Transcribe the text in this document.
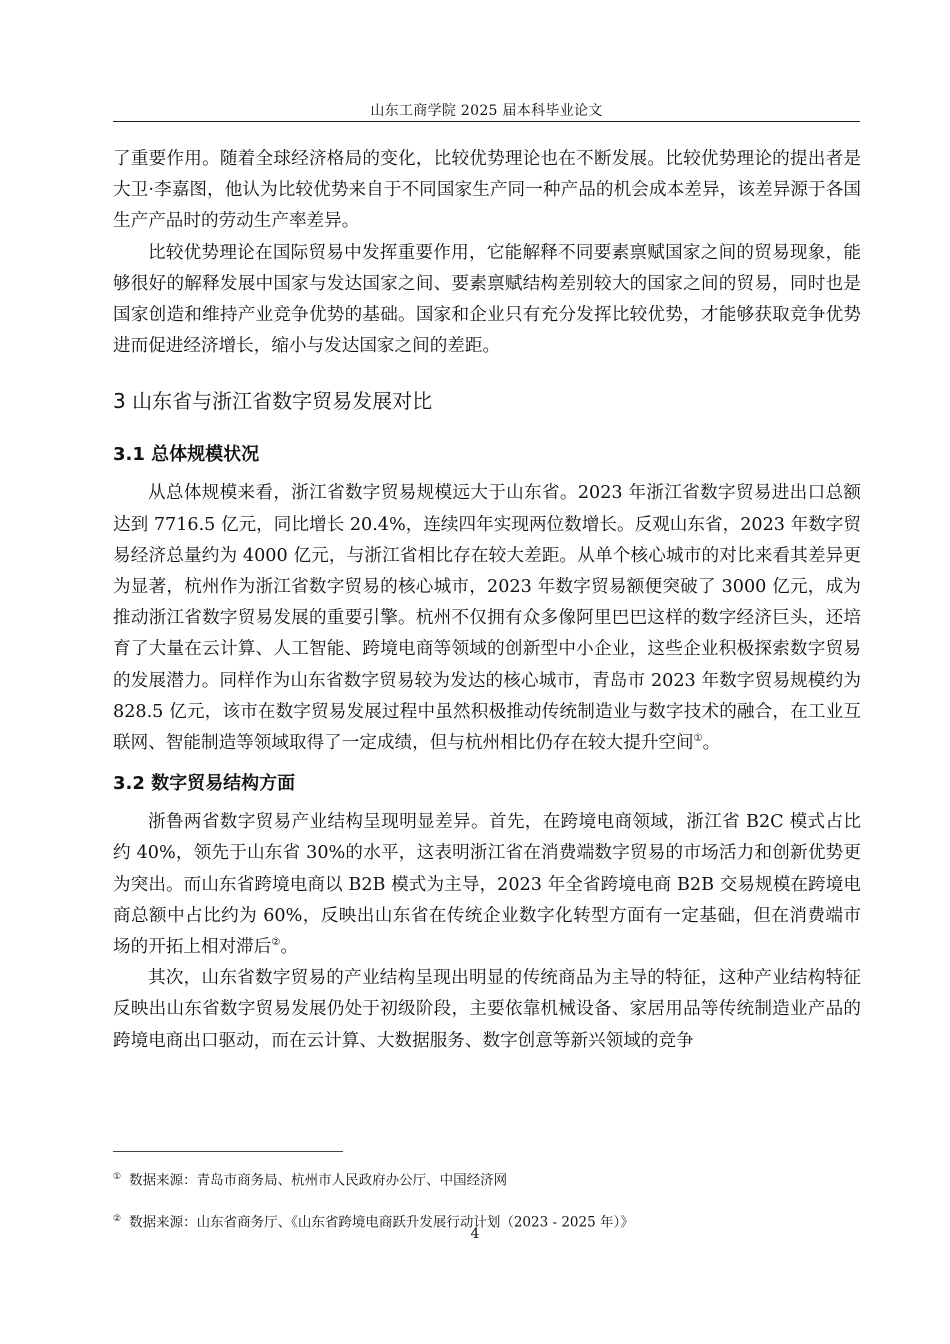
山东工商学院 2025 届本科毕业论文

了重要作用。随着全球经济格局的变化，比较优势理论也在不断发展。比较优势理论的提出者是大卫·李嘉图，他认为比较优势来自于不同国家生产同一种产品的机会成本差异，该差异源于各国生产产品时的劳动生产率差异。

比较优势理论在国际贸易中发挥重要作用，它能解释不同要素禀赋国家之间的贸易现象，能够很好的解释发展中国家与发达国家之间、要素禀赋结构差别较大的国家之间的贸易，同时也是国家创造和维持产业竞争优势的基础。国家和企业只有充分发挥比较优势，才能够获取竞争优势进而促进经济增长，缩小与发达国家之间的差距。

3 山东省与浙江省数字贸易发展对比
3.1 总体规模状况

从总体规模来看，浙江省数字贸易规模远大于山东省。2023 年浙江省数字贸易进出口总额达到 7716.5 亿元，同比增长 20.4%，连续四年实现两位数增长。反观山东省，2023 年数字贸易经济总量约为 4000 亿元，与浙江省相比存在较大差距。从单个核心城市的对比来看其差异更为显著，杭州作为浙江省数字贸易的核心城市，2023 年数字贸易额便突破了 3000 亿元，成为推动浙江省数字贸易发展的重要引擎。杭州不仅拥有众多像阿里巴巴这样的数字经济巨头，还培育了大量在云计算、人工智能、跨境电商等领域的创新型中小企业，这些企业积极探索数字贸易的发展潜力。同样作为山东省数字贸易较为发达的核心城市，青岛市 2023 年数字贸易规模约为 828.5 亿元，该市在数字贸易发展过程中虽然积极推动传统制造业与数字技术的融合，在工业互联网、智能制造等领域取得了一定成绩，但与杭州相比仍存在较大提升空间①。

3.2 数字贸易结构方面

浙鲁两省数字贸易产业结构呈现明显差异。首先，在跨境电商领域，浙江省 B2C 模式占比约 40%，领先于山东省 30%的水平，这表明浙江省在消费端数字贸易的市场活力和创新优势更为突出。而山东省跨境电商以 B2B 模式为主导，2023 年全省跨境电商 B2B 交易规模在跨境电商总额中占比约为 60%，反映出山东省在传统企业数字化转型方面有一定基础，但在消费端市场的开拓上相对滞后②。

其次，山东省数字贸易的产业结构呈现出明显的传统商品为主导的特征，这种产业结构特征反映出山东省数字贸易发展仍处于初级阶段，主要依靠机械设备、家居用品等传统制造业产品的跨境电商出口驱动，而在云计算、大数据服务、数字创意等新兴领域的竞争

① 数据来源：青岛市商务局、杭州市人民政府办公厅、中国经济网
② 数据来源：山东省商务厅、《山东省跨境电商跃升发展行动计划（2023 - 2025 年）》
4
